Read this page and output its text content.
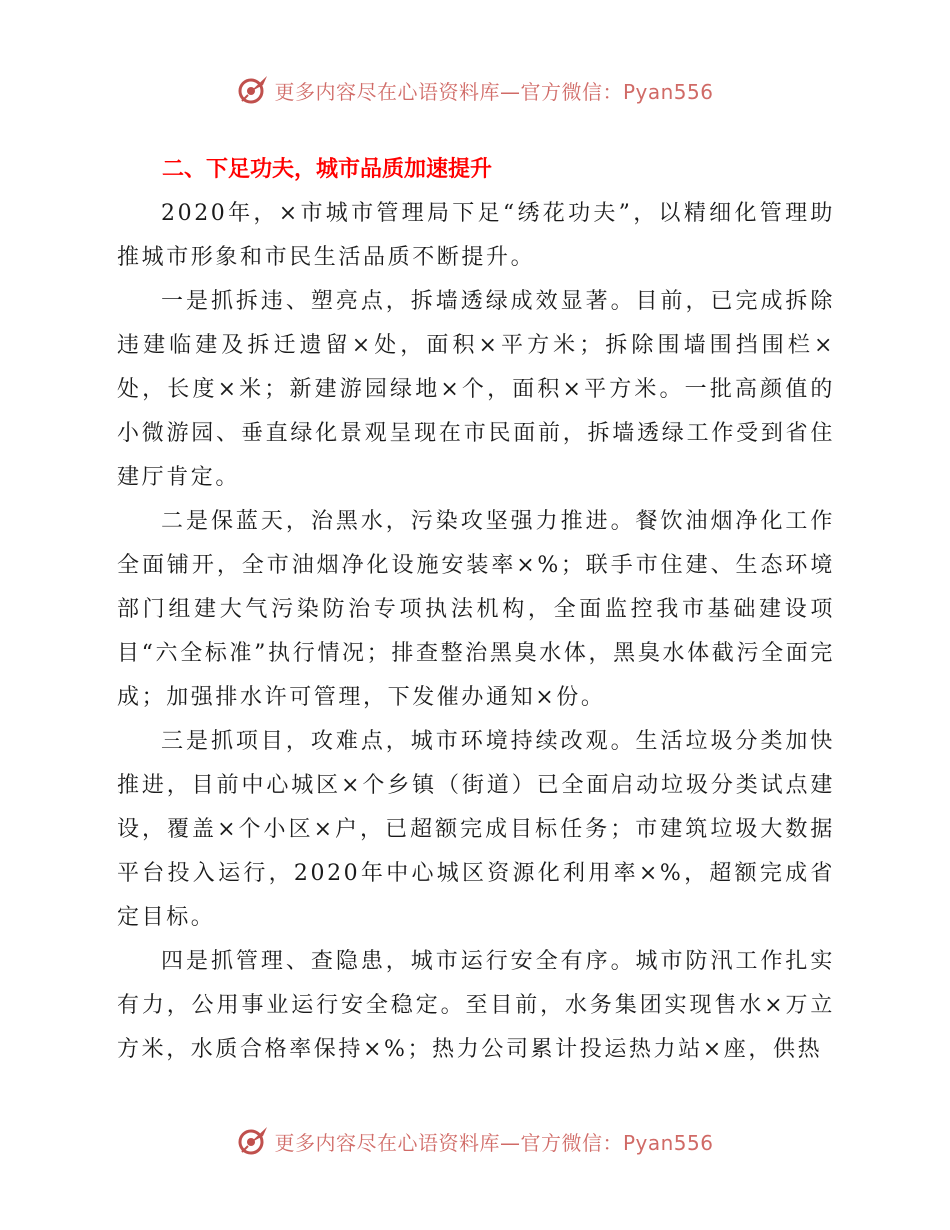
更多内容尽在心语资料库—官方微信：Pyan556
二、下足功夫，城市品质加速提升

2020年，×市城市管理局下足“绣花功夫”，以精细化管理助推城市形象和市民生活品质不断提升。

一是抓拆违、塑亮点，拆墙透绿成效显著。目前，已完成拆除违建临建及拆迁遗留×处，面积×平方米；拆除围墙围挡围栏×处，长度×米；新建游园绿地×个，面积×平方米。一批高颜值的小微游园、垂直绿化景观呈现在市民面前，拆墙透绿工作受到省住建厅肯定。

二是保蓝天，治黑水，污染攻坚强力推进。餐饮油烟净化工作全面铺开，全市油烟净化设施安装率×%；联手市住建、生态环境部门组建大气污染防治专项执法机构，全面监控我市基础建设项目“六全标准”执行情况；排查整治黑臭水体，黑臭水体截污全面完成；加强排水许可管理，下发催办通知×份。

三是抓项目，攻难点，城市环境持续改观。生活垃圾分类加快推进，目前中心城区×个乡镇（街道）已全面启动垃圾分类试点建设，覆盖×个小区×户，已超额完成目标任务；市建筑垃圾大数据平台投入运行，2020年中心城区资源化利用率×%，超额完成省定目标。

四是抓管理、查隐患，城市运行安全有序。城市防汛工作扎实有力，公用事业运行安全稳定。至目前，水务集团实现售水×万立方米，水质合格率保持×%；热力公司累计投运热力站×座，供热

更多内容尽在心语资料库—官方微信：Pyan556
